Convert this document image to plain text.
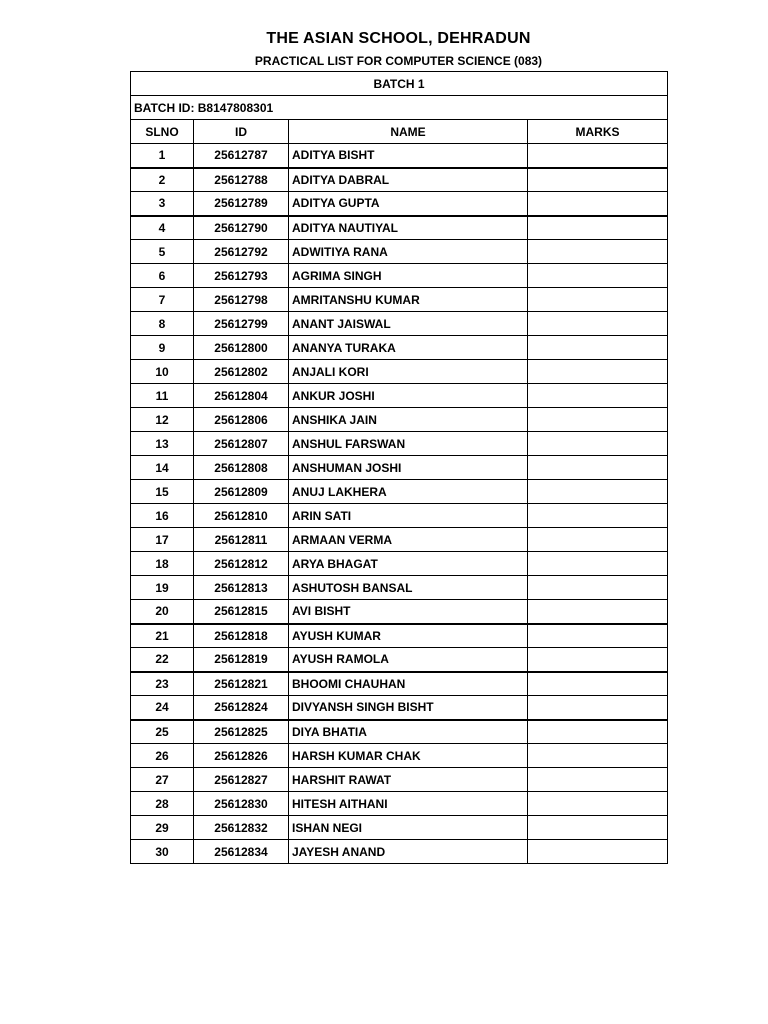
THE ASIAN SCHOOL, DEHRADUN
PRACTICAL LIST FOR COMPUTER SCIENCE (083)
BATCH 1			
BATCH ID: B8147808301			
SLNO	ID	NAME	MARKS
1	25612787	ADITYA BISHT	
2	25612788	ADITYA DABRAL	
3	25612789	ADITYA GUPTA	
4	25612790	ADITYA NAUTIYAL	
5	25612792	ADWITIYA RANA	
6	25612793	AGRIMA SINGH	
7	25612798	AMRITANSHU KUMAR	
8	25612799	ANANT JAISWAL	
9	25612800	ANANYA TURAKA	
10	25612802	ANJALI KORI	
11	25612804	ANKUR JOSHI	
12	25612806	ANSHIKA JAIN	
13	25612807	ANSHUL FARSWAN	
14	25612808	ANSHUMAN JOSHI	
15	25612809	ANUJ LAKHERA	
16	25612810	ARIN SATI	
17	25612811	ARMAAN VERMA	
18	25612812	ARYA BHAGAT	
19	25612813	ASHUTOSH BANSAL	
20	25612815	AVI BISHT	
21	25612818	AYUSH KUMAR	
22	25612819	AYUSH RAMOLA	
23	25612821	BHOOMI CHAUHAN	
24	25612824	DIVYANSH SINGH BISHT	
25	25612825	DIYA BHATIA	
26	25612826	HARSH KUMAR CHAK	
27	25612827	HARSHIT RAWAT	
28	25612830	HITESH AITHANI	
29	25612832	ISHAN NEGI	
30	25612834	JAYESH ANAND	
